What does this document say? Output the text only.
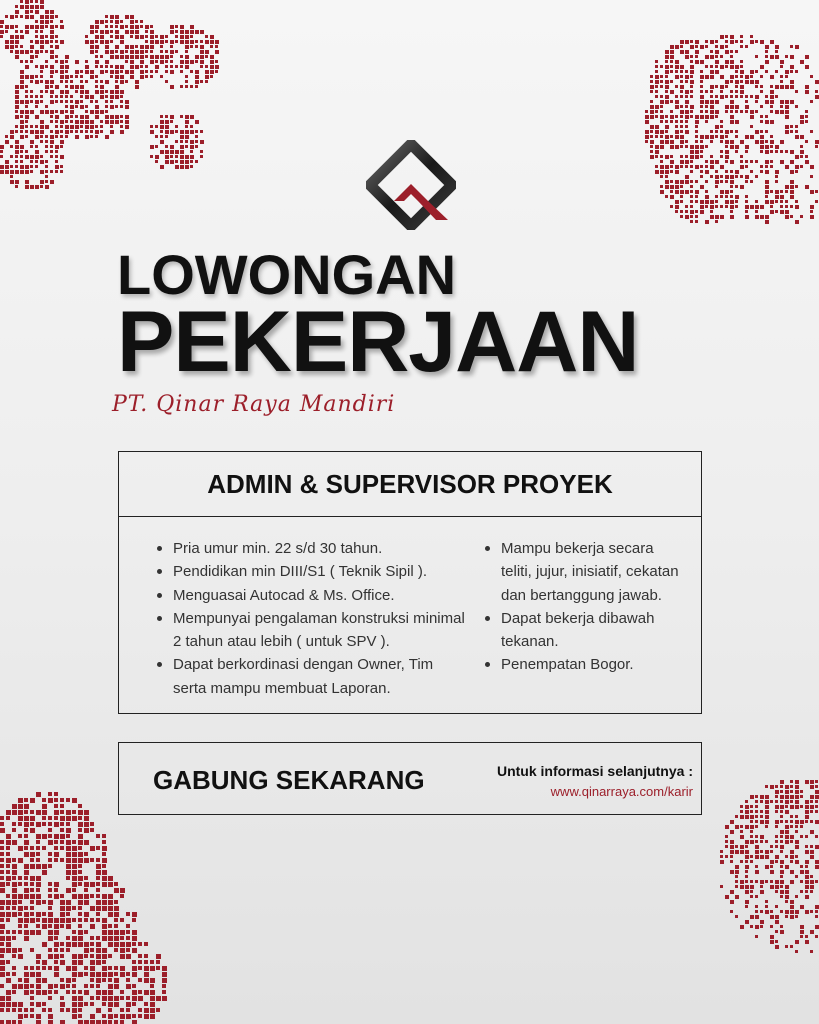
LOWONGAN
PEKERJAAN
PT. Qinar Raya Mandiri
ADMIN & SUPERVISOR PROYEK
Pria umur min. 22 s/d 30 tahun.
Pendidikan min DIII/S1 ( Teknik Sipil ).
Menguasai Autocad & Ms. Office.
Mempunyai pengalaman konstruksi minimal 2 tahun atau lebih ( untuk SPV ).
Dapat berkordinasi dengan Owner, Tim serta mampu membuat Laporan.
Mampu bekerja secara teliti, jujur, inisiatif, cekatan dan bertanggung jawab.
Dapat bekerja dibawah tekanan.
Penempatan Bogor.
GABUNG SEKARANG	Untuk informasi selanjutnya :
www.qinarraya.com/karir
